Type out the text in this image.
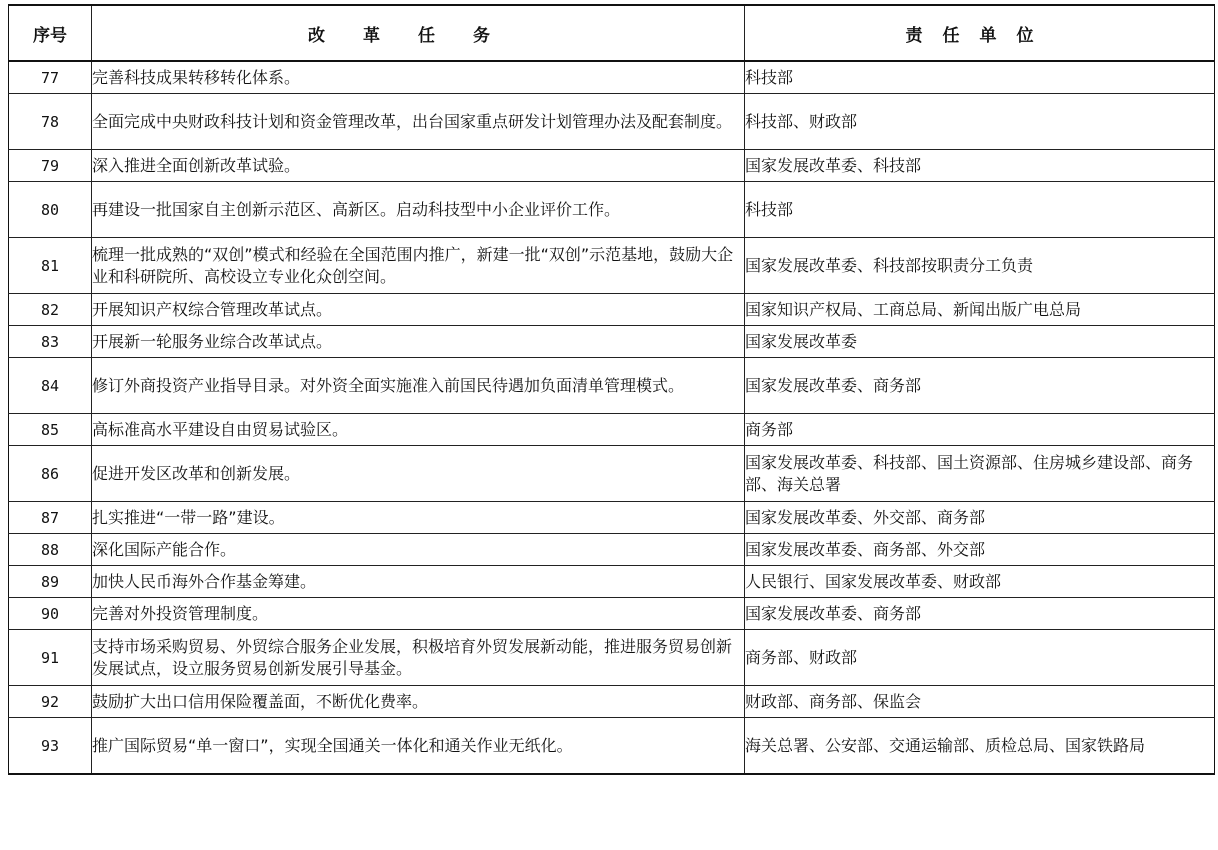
序号	改革任务	责任单位
77	完善科技成果转移转化体系。	科技部
78	全面完成中央财政科技计划和资金管理改革，出台国家重点研发计划管理办法及配套制度。	科技部、财政部
79	深入推进全面创新改革试验。	国家发展改革委、科技部
80	再建设一批国家自主创新示范区、高新区。启动科技型中小企业评价工作。	科技部
81	梳理一批成熟的“双创”模式和经验在全国范围内推广，新建一批“双创”示范基地，鼓励大企业和科研院所、高校设立专业化众创空间。	国家发展改革委、科技部按职责分工负责
82	开展知识产权综合管理改革试点。	国家知识产权局、工商总局、新闻出版广电总局
83	开展新一轮服务业综合改革试点。	国家发展改革委
84	修订外商投资产业指导目录。对外资全面实施准入前国民待遇加负面清单管理模式。	国家发展改革委、商务部
85	高标准高水平建设自由贸易试验区。	商务部
86	促进开发区改革和创新发展。	国家发展改革委、科技部、国土资源部、住房城乡建设部、商务部、海关总署
87	扎实推进“一带一路”建设。	国家发展改革委、外交部、商务部
88	深化国际产能合作。	国家发展改革委、商务部、外交部
89	加快人民币海外合作基金筹建。	人民银行、国家发展改革委、财政部
90	完善对外投资管理制度。	国家发展改革委、商务部
91	支持市场采购贸易、外贸综合服务企业发展，积极培育外贸发展新动能，推进服务贸易创新发展试点，设立服务贸易创新发展引导基金。	商务部、财政部
92	鼓励扩大出口信用保险覆盖面，不断优化费率。	财政部、商务部、保监会
93	推广国际贸易“单一窗口”，实现全国通关一体化和通关作业无纸化。	海关总署、公安部、交通运输部、质检总局、国家铁路局
